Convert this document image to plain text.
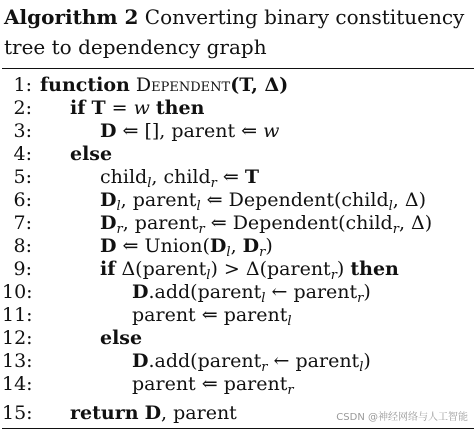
Algorithm 2 Converting binary constituency
tree to dependency graph
1: function Dependent(T, Δ)
2: if T = w then
3:	D ⇐ [], parent ⇐ w
4: else
5:	child$_l$, child$_r$ ⇐ T
6:	$D_l$, parent$_l$ ⇐ Dependent(child$_l$, Δ)
7:	$D_r$, parent$_r$ ⇐ Dependent(child$_r$, Δ)
8:	D ⇐ $Union(D_l$, $D_r$)
9:	if Δ(parent$_l$) > Δ(parent$_r$) then
10:	D.add(parent$_l$ ← parent$_r$)
11:	parent ⇐ parent$_l$
12:	else
13:	D.add(parent$_r$ ← parent$_l$)
14:	parent ⇐ parent$_r$
15: return D, parent	CSDN @神经网络与人工智能
